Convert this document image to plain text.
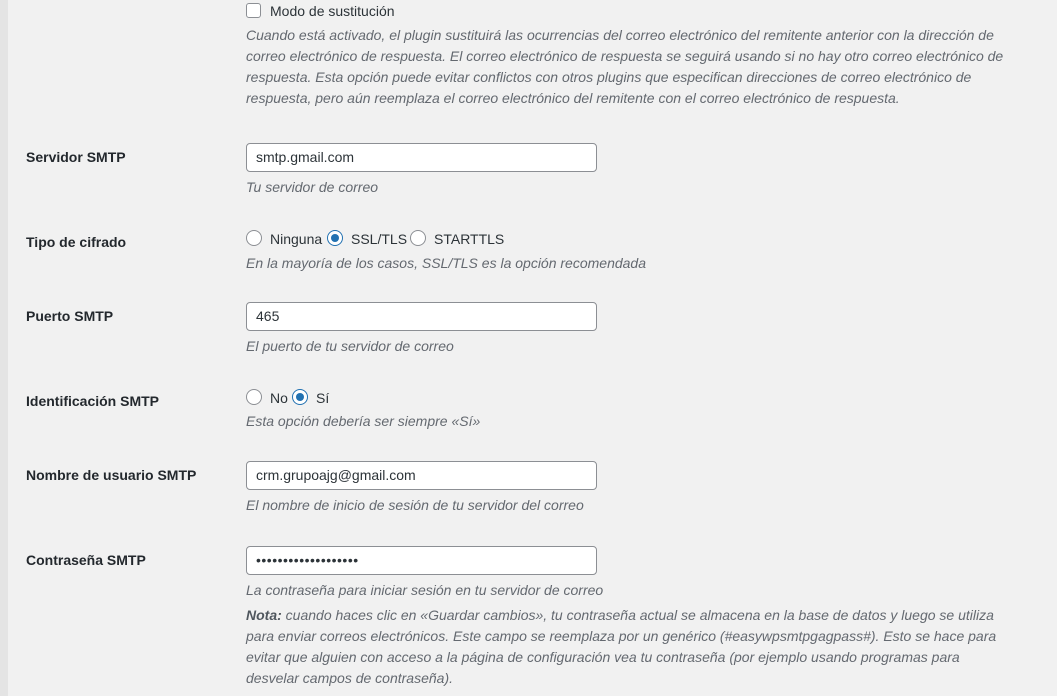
Modo de sustitución
Cuando está activado, el plugin sustituirá las ocurrencias del correo electrónico del remitente anterior con la dirección de
correo electrónico de respuesta. El correo electrónico de respuesta se seguirá usando si no hay otro correo electrónico de
respuesta. Esta opción puede evitar conflictos con otros plugins que especifican direcciones de correo electrónico de
respuesta, pero aún reemplaza el correo electrónico del remitente con el correo electrónico de respuesta.
Servidor SMTP	smtp.gmail.com
Tu servidor de correo
Tipo de cifrado	Ninguna SSL/TLS STARTTLS
En la mayoría de los casos, SSL/TLS es la opción recomendada
Puerto SMTP	465
El puerto de tu servidor de correo
Identificación SMTP	No Sí
Esta opción debería ser siempre «Sí»
Nombre de usuario SMTP	crm.grupoajg@gmail.com
El nombre de inicio de sesión de tu servidor del correo
Contraseña SMTP	•••••••••••••••••••
La contraseña para iniciar sesión en tu servidor de correo
Nota: cuando haces clic en «Guardar cambios», tu contraseña actual se almacena en la base de datos y luego se utiliza
para enviar correos electrónicos. Este campo se reemplaza por un genérico (#easywpsmtpgagpass#). Esto se hace para
evitar que alguien con acceso a la página de configuración vea tu contraseña (por ejemplo usando programas para
desvelar campos de contraseña).
